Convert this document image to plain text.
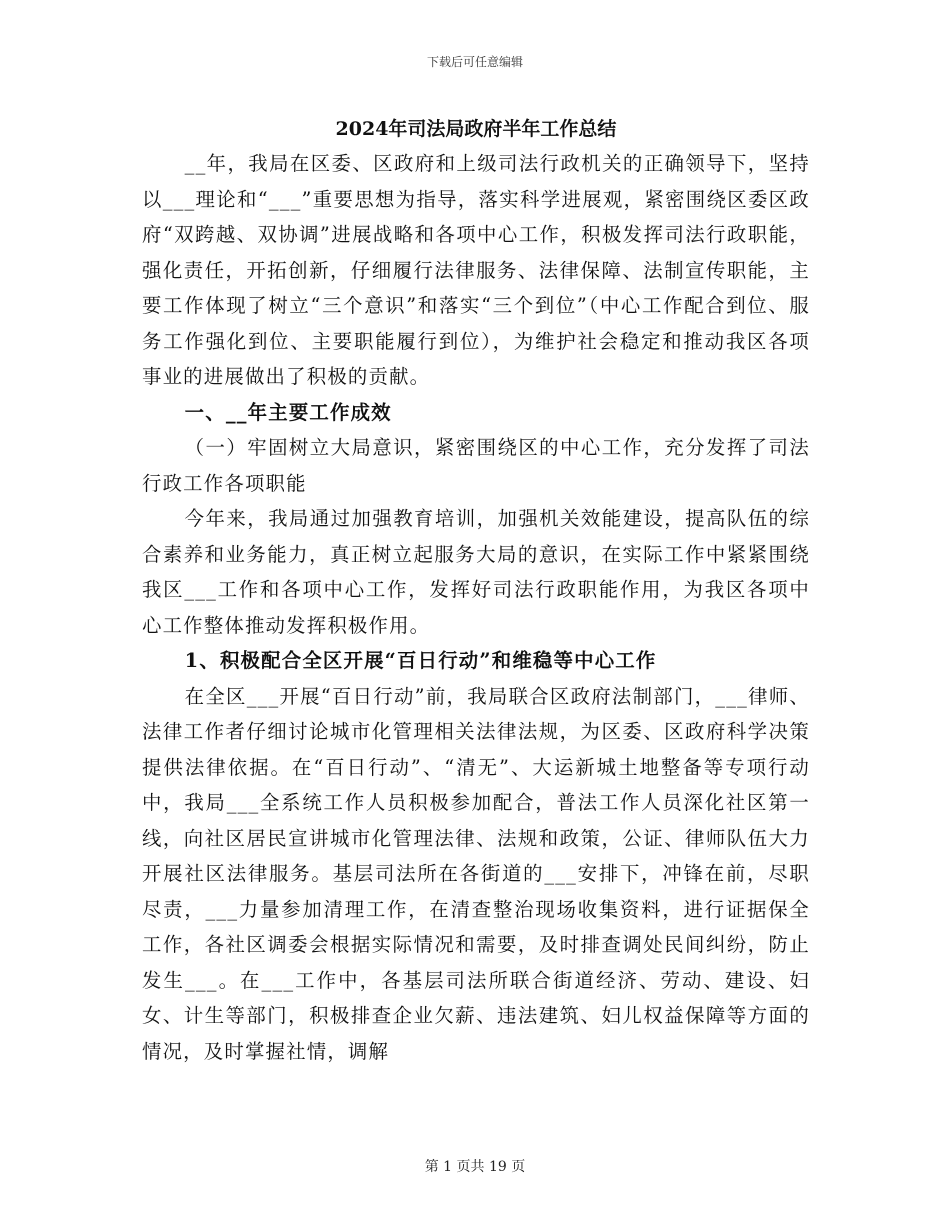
下载后可任意编辑
2024年司法局政府半年工作总结

__年，我局在区委、区政府和上级司法行政机关的正确领导下，坚持以___理论和“___”重要思想为指导，落实科学进展观，紧密围绕区委区政府“双跨越、双协调”进展战略和各项中心工作，积极发挥司法行政职能，强化责任，开拓创新，仔细履行法律服务、法律保障、法制宣传职能，主要工作体现了树立“三个意识”和落实“三个到位”（中心工作配合到位、服务工作强化到位、主要职能履行到位），为维护社会稳定和推动我区各项事业的进展做出了积极的贡献。

一、__年主要工作成效

（一）牢固树立大局意识，紧密围绕区的中心工作，充分发挥了司法行政工作各项职能

今年来，我局通过加强教育培训，加强机关效能建设，提高队伍的综合素养和业务能力，真正树立起服务大局的意识，在实际工作中紧紧围绕我区___工作和各项中心工作，发挥好司法行政职能作用，为我区各项中心工作整体推动发挥积极作用。

1、积极配合全区开展“百日行动”和维稳等中心工作

在全区___开展“百日行动”前，我局联合区政府法制部门，___律师、法律工作者仔细讨论城市化管理相关法律法规，为区委、区政府科学决策提供法律依据。在“百日行动”、“清无”、大运新城土地整备等专项行动中，我局___全系统工作人员积极参加配合，普法工作人员深化社区第一线，向社区居民宣讲城市化管理法律、法规和政策，公证、律师队伍大力开展社区法律服务。基层司法所在各街道的___安排下，冲锋在前，尽职尽责，___力量参加清理工作，在清查整治现场收集资料，进行证据保全工作，各社区调委会根据实际情况和需要，及时排查调处民间纠纷，防止发生___。在___工作中，各基层司法所联合街道经济、劳动、建设、妇女、计生等部门，积极排查企业欠薪、违法建筑、妇儿权益保障等方面的情况，及时掌握社情，调解

第 1 页共 19 页
